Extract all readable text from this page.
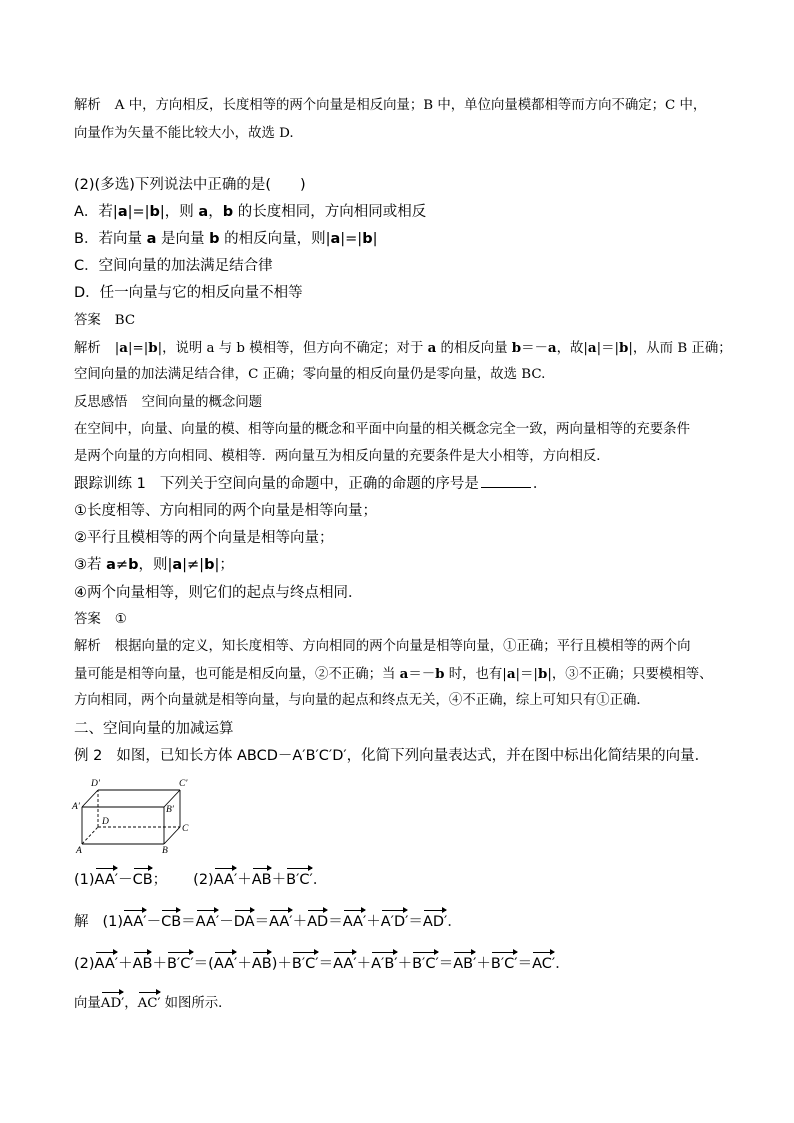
解析 A 中，方向相反，长度相等的两个向量是相反向量；B 中，单位向量模都相等而方向不确定；C 中，
向量作为矢量不能比较大小，故选 D.
(2)(多选)下列说法中正确的是(　　)
A．若|a|=|b|，则 a，b 的长度相同，方向相同或相反
B．若向量 a 是向量 b 的相反向量，则|a|=|b|
C．空间向量的加法满足结合律
D．任一向量与它的相反向量不相等
答案 BC
解析 |a|=|b|，说明 a 与 b 模相等，但方向不确定；对于 a 的相反向量 b＝－a，故|a|＝|b|，从而 B 正确；
空间向量的加法满足结合律，C 正确；零向量的相反向量仍是零向量，故选 BC.
反思感悟 空间向量的概念问题
在空间中，向量、向量的模、相等向量的概念和平面中向量的相关概念完全一致，两向量相等的充要条件
是两个向量的方向相同、模相等．两向量互为相反向量的充要条件是大小相等，方向相反．
跟踪训练 1 下列关于空间向量的命题中，正确的命题的序号是	．
①长度相等、方向相同的两个向量是相等向量；
②平行且模相等的两个向量是相等向量；
③若 a≠b，则|a|≠|b|；
④两个向量相等，则它们的起点与终点相同．
答案 ①
解析 根据向量的定义，知长度相等、方向相同的两个向量是相等向量，①正确；平行且模相等的两个向
量可能是相等向量，也可能是相反向量，②不正确；当 a＝－b 时，也有|a|＝|b|，③不正确；只要模相等、
方向相同，两个向量就是相等向量，与向量的起点和终点无关，④不正确，综上可知只有①正确．
二、空间向量的加减运算
例 2 如图，已知长方体 ABCD－A′B′C′D′，化简下列向量表达式，并在图中标出化简结果的向量．
D′	C′
A′	B′
D
C
A	B
(1)AA′－CB； (2)AA′＋AB＋B′C′．
解 (1)AA′－CB＝AA′－DA＝AA′＋AD＝AA′＋A′D′＝AD′．
(2)AA′＋AB＋B′C′＝(AA′＋AB)＋B′C′＝AA′＋A′B′＋B′C′＝AB′＋B′C′＝AC′．
向量AD′，AC′ 如图所示．
